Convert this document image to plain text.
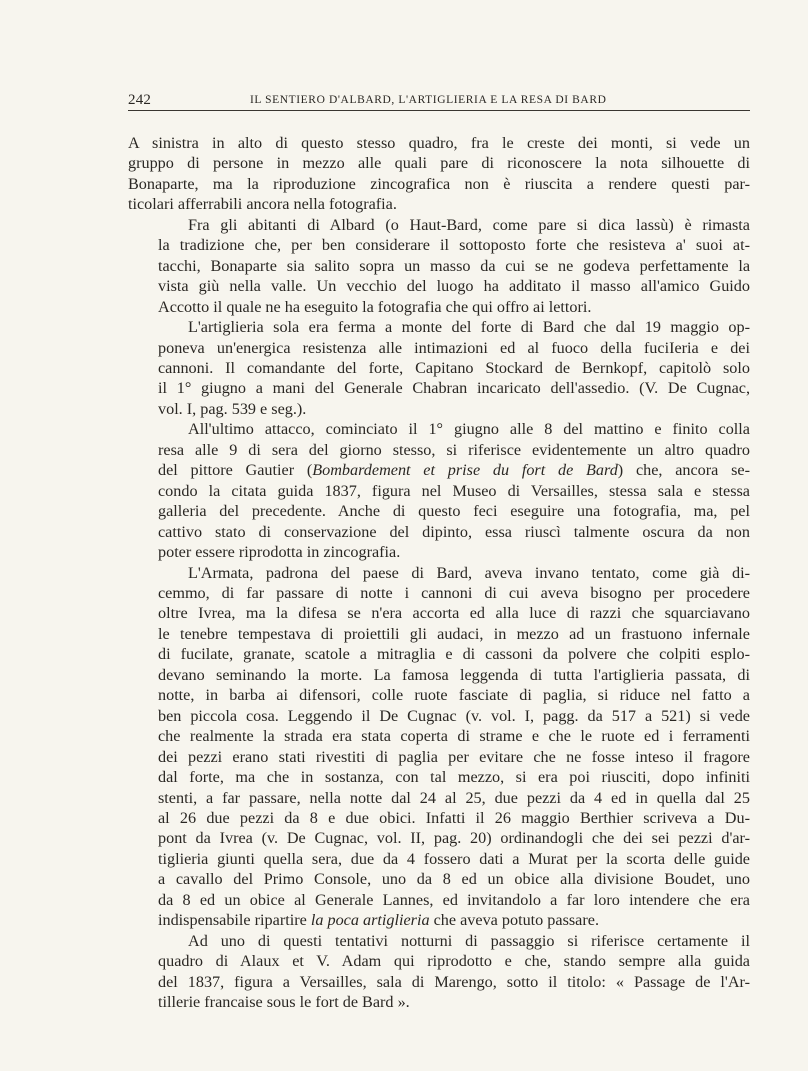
242	IL SENTIERO D'ALBARD, L'ARTIGLIERIA E LA RESA DI BARD

A sinistra in alto di questo stesso quadro, fra le creste dei monti, si vede un
gruppo di persone in mezzo alle quali pare di riconoscere la nota silhouette di
Bonaparte, ma la riproduzione zincografica non è riuscita a rendere questi par-
ticolari afferrabili ancora nella fotografia.

Fra gli abitanti di Albard (o Haut-Bard, come pare si dica lassù) è rimasta
la tradizione che, per ben considerare il sottoposto forte che resisteva a' suoi at-
tacchi, Bonaparte sia salito sopra un masso da cui se ne godeva perfettamente la
vista giù nella valle. Un vecchio del luogo ha additato il masso all'amico Guido
Accotto il quale ne ha eseguito la fotografia che qui offro ai lettori.

L'artiglieria sola era ferma a monte del forte di Bard che dal 19 maggio op-
poneva un'energica resistenza alle intimazioni ed al fuoco della fuciIeria e dei
cannoni. Il comandante del forte, Capitano Stockard de Bernkopf, capitolò solo
il 1° giugno a mani del Generale Chabran incaricato dell'assedio. (V. De Cugnac,
vol. I, pag. 539 e seg.).

All'ultimo attacco, cominciato il 1° giugno alle 8 del mattino e finito colla
resa alle 9 di sera del giorno stesso, si riferisce evidentemente un altro quadro
del pittore Gautier (Bombardement et prise du fort de Bard) che, ancora se-
condo la citata guida 1837, figura nel Museo di Versailles, stessa sala e stessa
galleria del precedente. Anche di questo feci eseguire una fotografia, ma, pel
cattivo stato di conservazione del dipinto, essa riuscì talmente oscura da non
poter essere riprodotta in zincografia.

L'Armata, padrona del paese di Bard, aveva invano tentato, come già di-
cemmo, di far passare di notte i cannoni di cui aveva bisogno per procedere
oltre Ivrea, ma la difesa se n'era accorta ed alla luce di razzi che squarciavano
le tenebre tempestava di proiettili gli audaci, in mezzo ad un frastuono infernale
di fucilate, granate, scatole a mitraglia e di cassoni da polvere che colpiti esplo-
devano seminando la morte. La famosa leggenda di tutta l'artiglieria passata, di
notte, in barba ai difensori, colle ruote fasciate di paglia, si riduce nel fatto a
ben piccola cosa. Leggendo il De Cugnac (v. vol. I, pagg. da 517 a 521) si vede
che realmente la strada era stata coperta di strame e che le ruote ed i ferramenti
dei pezzi erano stati rivestiti di paglia per evitare che ne fosse inteso il fragore
dal forte, ma che in sostanza, con tal mezzo, si era poi riusciti, dopo infiniti
stenti, a far passare, nella notte dal 24 al 25, due pezzi da 4 ed in quella dal 25
al 26 due pezzi da 8 e due obici. Infatti il 26 maggio Berthier scriveva a Du-
pont da Ivrea (v. De Cugnac, vol. II, pag. 20) ordinandogli che dei sei pezzi d'ar-
tiglieria giunti quella sera, due da 4 fossero dati a Murat per la scorta delle guide
a cavallo del Primo Console, uno da 8 ed un obice alla divisione Boudet, uno
da 8 ed un obice al Generale Lannes, ed invitandolo a far loro intendere che era
indispensabile ripartire la poca artiglieria che aveva potuto passare.

Ad uno di questi tentativi notturni di passaggio si riferisce certamente il
quadro di Alaux et V. Adam qui riprodotto e che, stando sempre alla guida
del 1837, figura a Versailles, sala di Marengo, sotto il titolo: « Passage de l'Ar-
tillerie francaise sous le fort de Bard ».
